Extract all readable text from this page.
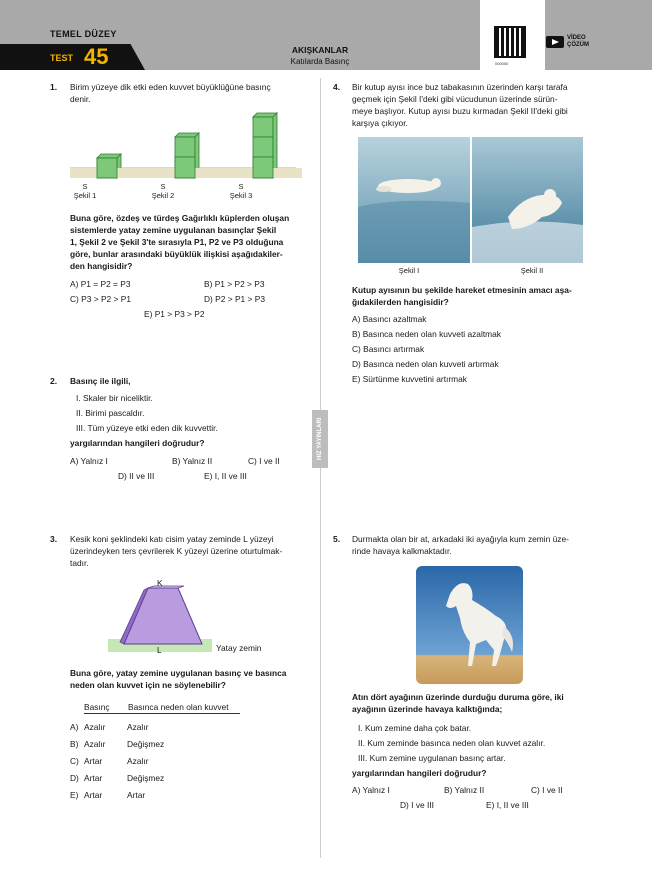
TEMEL DÜZEY
TEST 45	AKIŞKANLAR
Katılarda Basınç	000000
VİDEO
ÇÖZÜM
HIZ YAYINLARI
1. Birim yüzeye dik etki eden kuvvet büyüklüğüne basınç
denir.
S	S	S
Şekil 1	Şekil 2	Şekil 3
Buna göre, özdeş ve türdeş Gağırlıklı küplerden oluşan
sistemlerde yatay zemine uygulanan basınçlar Şekil
1, Şekil 2 ve Şekil 3'te sırasıyla P1, P2 ve P3 olduğuna
göre, bunlar arasındaki büyüklük ilişkisi aşağıdakiler-
den hangisidir?
A) P1 = P2 = P3	B) P1 > P2 > P3
C) P3 > P2 > P1	D) P2 > P1 > P3
E) P1 > P3 > P2
2. Basınç ile ilgili,
I. Skaler bir niceliktir.
II. Birimi pascaldır.
III. Tüm yüzeye etki eden dik kuvvettir.
yargılarından hangileri doğrudur?
A) Yalnız I	B) Yalnız II	C) I ve II
D) II ve III	E) I, II ve III
3. Kesik koni şeklindeki katı cisim yatay zeminde L yüzeyi
üzerindeyken ters çevrilerek K yüzeyi üzerine oturtulmak-
tadır.
K
L	Yatay zemin
Buna göre, yatay zemine uygulanan basınç ve basınca
neden olan kuvvet için ne söylenebilir?
Basınç Basınca neden olan kuvvet
A) Azalır	Azalır
B) Azalır	Değişmez
C) Artar	Azalır
D) Artar	Değişmez
E) Artar	Artar
4. Bir kutup ayısı ince buz tabakasının üzerinden karşı tarafa
geçmek için Şekil I'deki gibi vücudunun üzerinde sürün-
meye başlıyor. Kutup ayısı buzu kırmadan Şekil II'deki gibi
karşıya çıkıyor.
Şekil I	Şekil II
Kutup ayısının bu şekilde hareket etmesinin amacı aşa-
ğıdakilerden hangisidir?
A) Basıncı azaltmak
B) Basınca neden olan kuvveti azaltmak
C) Basıncı artırmak
D) Basınca neden olan kuvveti artırmak
E) Sürtünme kuvvetini artırmak
5. Durmakta olan bir at, arkadaki iki ayağıyla kum zemin üze-
rinde havaya kalkmaktadır.
Atın dört ayağının üzerinde durduğu duruma göre, iki
ayağının üzerinde havaya kalktığında;
I. Kum zemine daha çok batar.
II. Kum zeminde basınca neden olan kuvvet azalır.
III. Kum zemine uygulanan basınç artar.
yargılarından hangileri doğrudur?
A) Yalnız I	B) Yalnız II	C) I ve II
D) I ve III	E) I, II ve III
